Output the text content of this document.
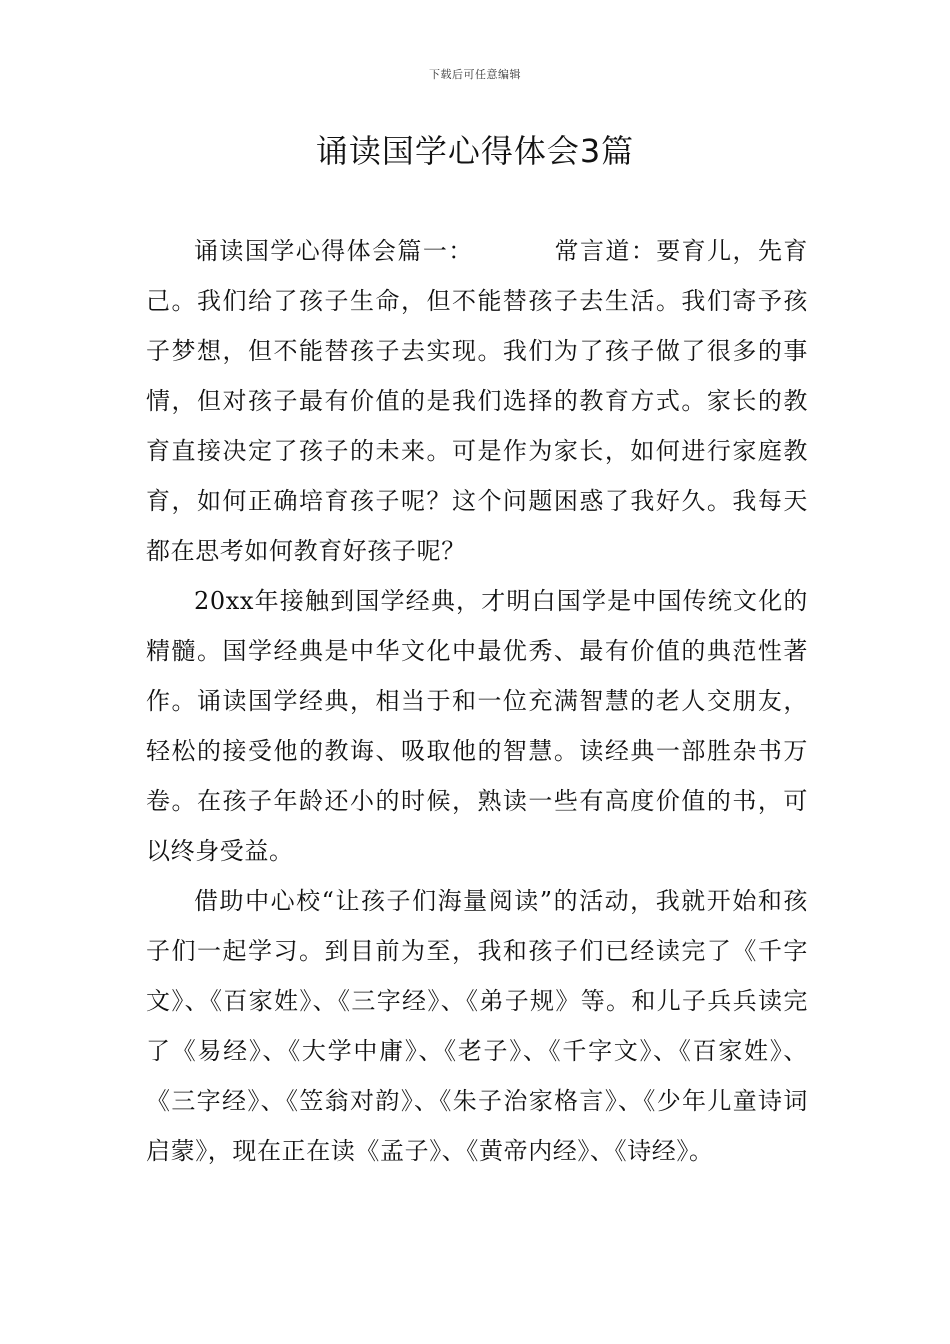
下载后可任意编辑
诵读国学心得体会3篇

诵读国学心得体会篇一：	常言道：要育儿，先育己。我们给了孩子生命，但不能替孩子去生活。我们寄予孩子梦想，但不能替孩子去实现。我们为了孩子做了很多的事情，但对孩子最有价值的是我们选择的教育方式。家长的教育直接决定了孩子的未来。可是作为家长，如何进行家庭教育，如何正确培育孩子呢？这个问题困惑了我好久。我每天都在思考如何教育好孩子呢？

20xx年接触到国学经典，才明白国学是中国传统文化的精髓。国学经典是中华文化中最优秀、最有价值的典范性著作。诵读国学经典，相当于和一位充满智慧的老人交朋友，轻松的接受他的教诲、吸取他的智慧。读经典一部胜杂书万卷。在孩子年龄还小的时候，熟读一些有高度价值的书，可以终身受益。

借助中心校“让孩子们海量阅读”的活动，我就开始和孩子们一起学习。到目前为至，我和孩子们已经读完了《千字文》、《百家姓》、《三字经》、《弟子规》等。和儿子兵兵读完了《易经》、《大学中庸》、《老子》、《千字文》、《百家姓》、《三字经》、《笠翁对韵》、《朱子治家格言》、《少年儿童诗词启蒙》，现在正在读《孟子》、《黄帝内经》、《诗经》。
